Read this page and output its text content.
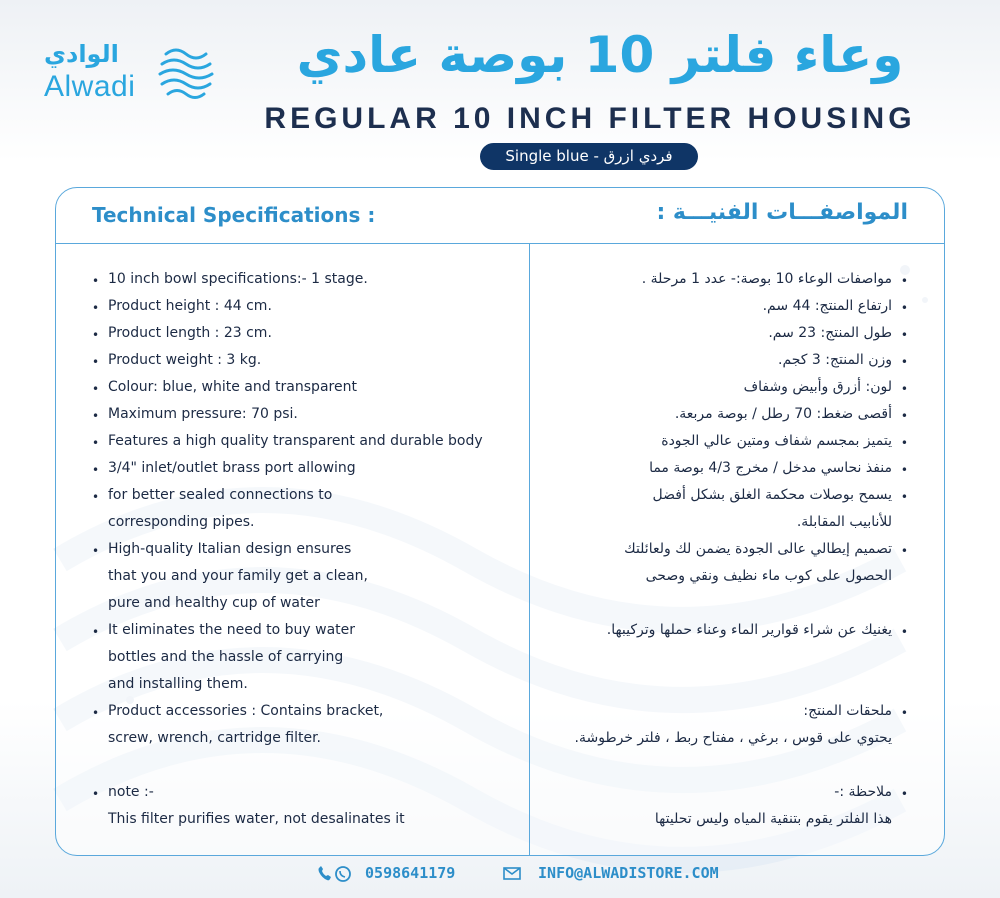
الوادي
Alwadi
وعاء فلتر 10 بوصة عادي
REGULAR 10 INCH FILTER HOUSING
Single blue - فردي ازرق
Technical Specifications :	المواصفـــات الفنيـــة :
• 10 inch bowl specifications:- 1 stage.
• Product height : 44 cm.
• Product length : 23 cm.
• Product weight : 3 kg.
• Colour: blue, white and transparent
• Maximum pressure: 70 psi.
• Features a high quality transparent and durable body
• 3/4" inlet/outlet brass port allowing
• for better sealed connections to
corresponding pipes.
• High-quality Italian design ensures
that you and your family get a clean,
pure and healthy cup of water
• It eliminates the need to buy water
bottles and the hassle of carrying
and installing them.
• Product accessories : Contains bracket,
screw, wrench, cartridge filter.
• note :-
This filter purifies water, not desalinates it
• مواصفات الوعاء 10 بوصة:- عدد 1 مرحلة .
• ارتفاع المنتج: 44 سم.
• طول المنتج: 23 سم.
• وزن المنتج: 3 كجم.
• لون: أزرق وأبيض وشفاف
• أقصى ضغط: 70 رطل / بوصة مربعة.
• يتميز بمجسم شفاف ومتين عالي الجودة
• منفذ نحاسي مدخل / مخرج 4/3 بوصة مما
• يسمح بوصلات محكمة الغلق بشكل أفضل
للأنابيب المقابلة.
• تصميم إيطالي عالى الجودة يضمن لك ولعائلتك
الحصول على كوب ماء نظيف ونقي وصحى
• يغنيك عن شراء قوارير الماء وعناء حملها وتركيبها.
• ملحقات المنتج:
يحتوي على قوس ، برغي ، مفتاح ربط ، فلتر خرطوشة.
• ملاحظة :-
هذا الفلتر يقوم بتنقية المياه وليس تحليتها
0598641179	INFO@ALWADISTORE.COM
